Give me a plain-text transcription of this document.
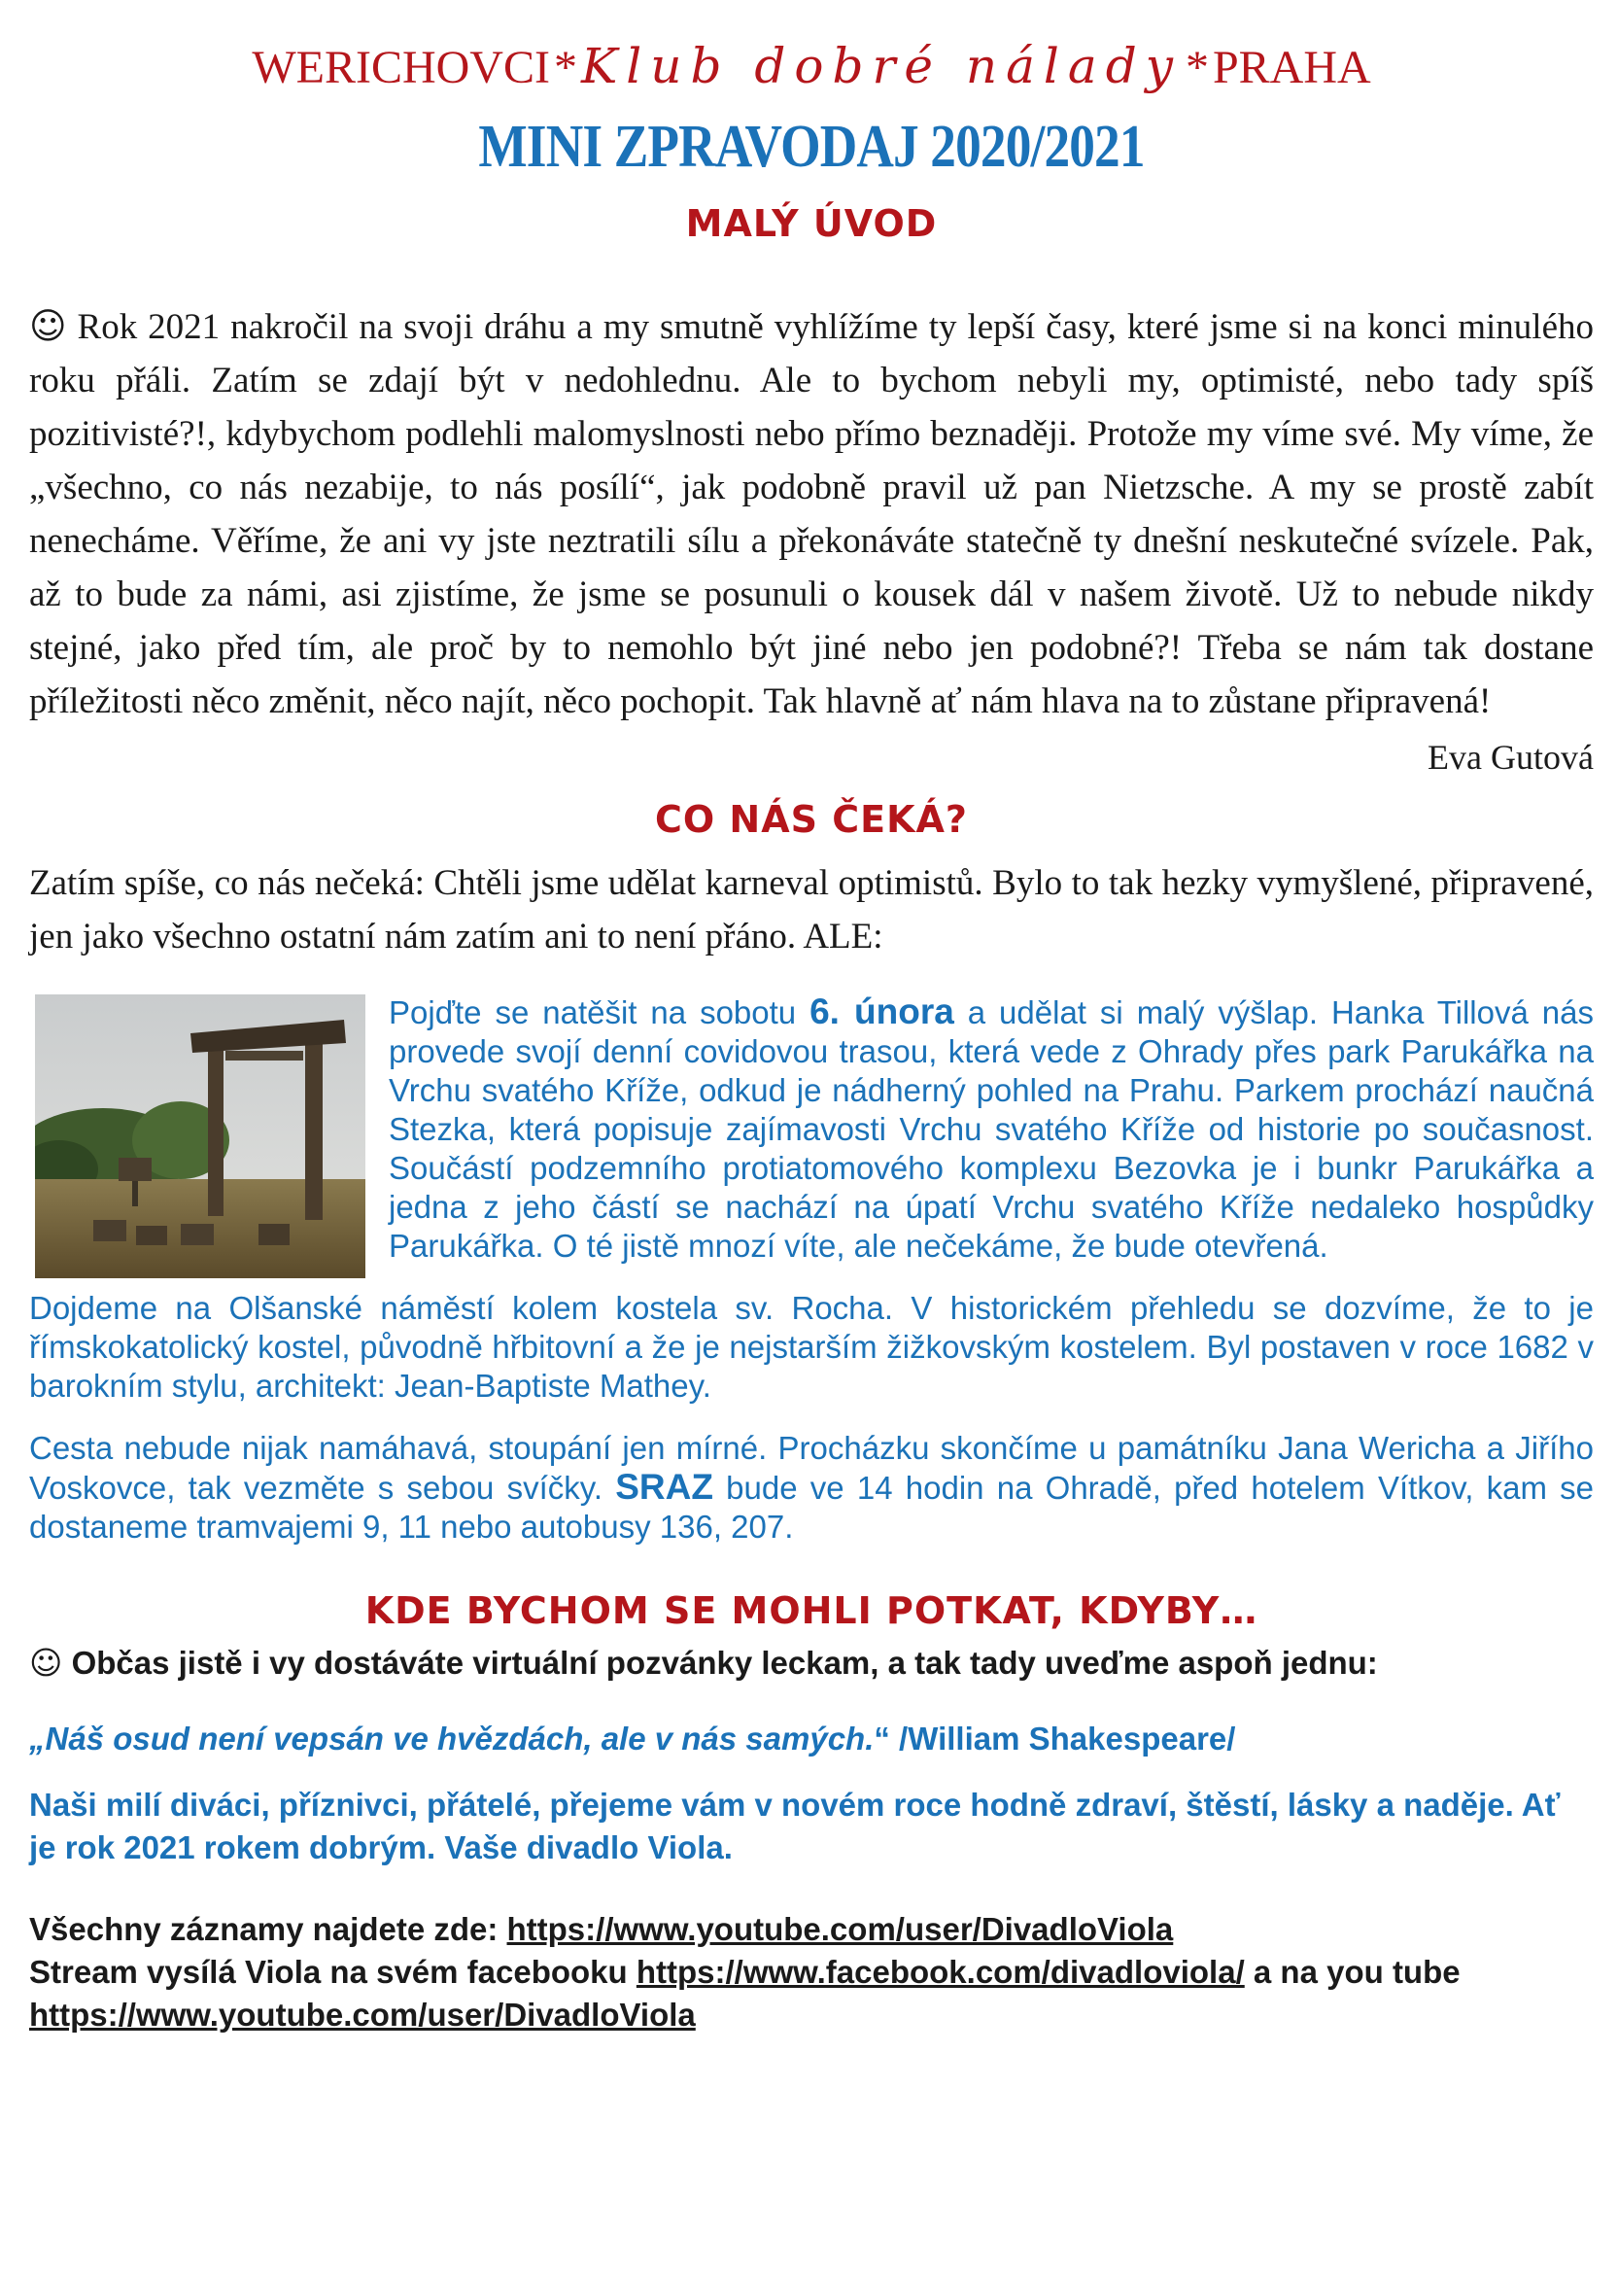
WERICHOVCI * Klub dobré nálady * PRAHA
MINI ZPRAVODAJ 2020/2021
MALÝ ÚVOD

☺ Rok 2021 nakročil na svoji dráhu a my smutně vyhlížíme ty lepší časy, které jsme si na konci minulého roku přáli. Zatím se zdají být v nedohlednu. Ale to bychom nebyli my, optimisté, nebo tady spíš pozitivisté?!, kdybychom podlehli malomyslnosti nebo přímo beznaději. Protože my víme své. My víme, že „všechno, co nás nezabije, to nás posílí“, jak podobně pravil už pan Nietzsche. A my se prostě zabít nenecháme. Věříme, že ani vy jste neztratili sílu a překonáváte statečně ty dnešní neskutečné svízele. Pak, až to bude za námi, asi zjistíme, že jsme se posunuli o kousek dál v našem životě. Už to nebude nikdy stejné, jako před tím, ale proč by to nemohlo být jiné nebo jen podobné?! Třeba se nám tak dostane příležitosti něco změnit, něco najít, něco pochopit. Tak hlavně ať nám hlava na to zůstane připravená!

Eva Gutová
CO NÁS ČEKÁ?

Zatím spíše, co nás nečeká: Chtěli jsme udělat karneval optimistů. Bylo to tak hezky vymyšlené, připravené, jen jako všechno ostatní nám zatím ani to není přáno. ALE:

Pojďte se natěšit na sobotu 6. února a udělat si malý výšlap. Hanka Tillová nás provede svojí denní covidovou trasou, která vede z Ohrady přes park Parukářka na Vrchu svatého Kříže, odkud je nádherný pohled na Prahu. Parkem prochází naučná Stezka, která popisuje zajímavosti Vrchu svatého Kříže od historie po současnost. Součástí podzemního protiatomového komplexu Bezovka je i bunkr Parukářka a jedna z jeho částí se nachází na úpatí Vrchu svatého Kříže nedaleko hospůdky Parukářka. O té jistě mnozí víte, ale nečekáme, že bude otevřená.

Dojdeme na Olšanské náměstí kolem kostela sv. Rocha. V historickém přehledu se dozvíme, že to je římskokatolický kostel, původně hřbitovní a že je nejstarším žižkovským kostelem. Byl postaven v roce 1682 v barokním stylu, architekt: Jean-Baptiste Mathey.

Cesta nebude nijak namáhavá, stoupání jen mírné. Procházku skončíme u památníku Jana Wericha a Jiřího Voskovce, tak vezměte s sebou svíčky. SRAZ bude ve 14 hodin na Ohradě, před hotelem Vítkov, kam se dostaneme tramvajemi 9, 11 nebo autobusy 136, 207.

KDE BYCHOM SE MOHLI POTKAT, KDYBY…

☺ Občas jistě i vy dostáváte virtuální pozvánky leckam, a tak tady uveďme aspoň jednu:

„Náš osud není vepsán ve hvězdách, ale v nás samých.“ /William Shakespeare/

Naši milí diváci, příznivci, přátelé, přejeme vám v novém roce hodně zdraví, štěstí, lásky a naděje. Ať je rok 2021 rokem dobrým. Vaše divadlo Viola.

Všechny záznamy najdete zde: https://www.youtube.com/user/DivadloViola
Stream vysílá Viola na svém facebooku https://www.facebook.com/divadloviola/ a na you tube https://www.youtube.com/user/DivadloViola
